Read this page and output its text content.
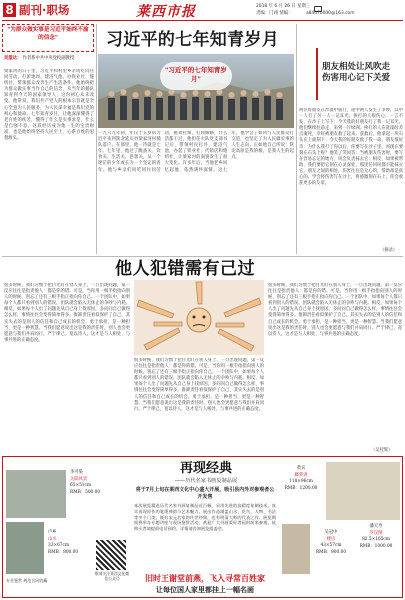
8 副刊·职场	莱西市报	2018 年 6 月 26 日 星期三
责编：门翊 情编：	a84470000@163.com
"为群众做实事是习近平始终不渝的信念"
吴望达： 作者系中共中央党校副教授
梁家河的日子里，习近平和村里乡亲同吃同住同劳动，打淤地坝、建沼气池、办铁业社、缝纫社，带领群众改善生产生活条件。他始终把为群众做实事当作自己的信念，从当年的插队知青到今天的国家领导人，这份初心从未改变。他常说，我们共产党人的根本宗旨就是全心全意为人民服务，为人民谋幸福是我们党的初心和使命。七年知青岁月，让他深深懂得了老百姓的疾苦，懂得了什么是实事求是，什么是自强不息。这段经历成为他一生的宝贵财富，也是他始终坚持人民至上、心系百姓的思想源头。
习近平的七年知青岁月
"习近平的七年知青岁月"
一九六九年初，年仅十五岁的习近平来到陕北延川县梁家河村插队落户。在那里，他一待就是七年。七年里，他过了跳蚤关、饮食关、生活关、思想关，从一个迷茫的少年成长为一个坚定的青年。他与乡亲们同吃同住同劳动，挑粪拉煤、打坝修路，什么活都干过。他担任大队党支部书记后，带领村民打井、建沼气池，办起了铁业社、代销店和缝纫社，让梁家河的面貌发生了很大变化。许多年后，当地老乡回忆起他，依然满怀深情。这七年，他学会了如何与人民群众打交道，也坚定了为人民做实事的人生志向。正如他自己所说：陕北高原是我的根，是我人生的起点。
朋友相处让风吹走伤害用心记下关爱
两位好朋友在沙漠中旅行，途中两人发生了争吵，其中一人打了另一人一记耳光。挨打的人很伤心，一言不发，在沙子上写下：今天我的好朋友打了我一记耳光。他们继续往前走，来到一片绿洲。挨打的人在洗澡时差点淹死，幸好被朋友救了起来。获救后，他拿起一块石头在上面刻下：今天我的好朋友救了我一命。朋友很好奇：为什么我打了你以后，你要写在沙子里，而现在要刻在石头上呢？他笑了笑回答：当被朋友伤害时，要写在容易忘记的地方，风会负责抹去它；相反，如果被帮助，我们要把它刻在心灵深处，那里任何风都不能抹灭它。朋友之间的相处，伤害往往是无心的，帮助却是真心的。学会将伤害写在沙上，将感激刻在石上，你会收获更多的友谊。
（摘录）
他人犯错需有己过
很多时候，我们习惯于把目光盯在别人身上，一旦出现问题，第一反应往往是指责他人：都是你的错。可是，当你用一根手指指向别人的时候，别忘了还有三根手指正指向你自己。一个团队中，如果每个人都只看到别人的错误，团队就会陷入无休止的争吵与内耗。相反，如果每个人出了问题先从自己身上找原因，多问问自己做得怎么样，事情往往会变得简单得多。推卸责任看似保护了自己，其实失去的是别人的信任和自己成长的机会。勇于承担，是一种担当，更是一种智慧。当我们愿意说出这是我的责任时，别人也会更愿意与我们并肩同行。严于律己、宽以待人，这才是与人相处、与事共进的正确态度。
很多时候，我们习惯于把目光盯在别人身上，一旦出现问题，第一反应往往是指责他人：都是你的错。可是，当你用一根手指指向别人的时候，别忘了还有三根手指正指向你自己。一个团队中，如果每个人都只看到别人的错误，团队就会陷入无休止的争吵与内耗。相反，如果每个人出了问题先从自己身上找原因，多问问自己做得怎么样，事情往往会变得简单得多。推卸责任看似保护了自己，其实失去的是别人的信任和自己成长的机会。勇于承担，是一种担当，更是一种智慧。当我们愿意说出这是我的责任时，别人也会更愿意与我们并肩同行。严于律己、宽以待人，这才是与人相处、与事共进的正确态度。
很多时候，我们习惯于把目光盯在别人身上，一旦出现问题，第一反应往往是指责他人：都是你的错。可是，当你用一根手指指向别人的时候，别忘了还有三根手指正指向你自己。一个团队中，如果每个人都只看到别人的错误，团队就会陷入无休止的争吵与内耗。相反，如果每个人出了问题先从自己身上找原因，多问问自己做得怎么样，事情往往会变得简单得多。推卸责任看似保护了自己，其实失去的是别人的信任和自己成长的机会。勇于承担，是一种担当，更是一种智慧。当我们愿意说出这是我的责任时，别人也会更愿意与我们并肩同行。严于律己、宽以待人，这才是与人相处、与事共进的正确态度。
（吴桂辉）
再现经典
——历代名家书画复制品展
将于7月上旬在莱西文化中心盛大开展，吸引县内外对参观者公开发售
本次展览精选历代名家书画复制品近百幅，采用先进的高精度复制技术，真实再现原作的笔墨神韵与艺术魅力。展出作品涵盖山水、花鸟、人物、书法等多个门类，既有宋元名家的传世经典，也有明清大师的代表之作。展览期间将举办专题讲座与现场鉴赏活动，欢迎广大书画爱好者届时前来参观。欲购买者请提前电话预约，详情请咨询展览组委会。
李可染
关隔风景
65×51cm
RMB：500.00
卢乡
山水
33×67cm
RMB：800.00
敬请关注莱西文化微信公众号
专业鉴赏 规范合同收藏
黄宾
藤萝谱
118×96cm
RMB：1200.00
吴冠中
楼房
43×57cm
RMB：900.00
潘天寿
罗汉图
82.5×165cm
RMB：1000.00
旧时王谢堂前燕，飞入寻常百姓家
让每位国人家里都挂上一幅名画
